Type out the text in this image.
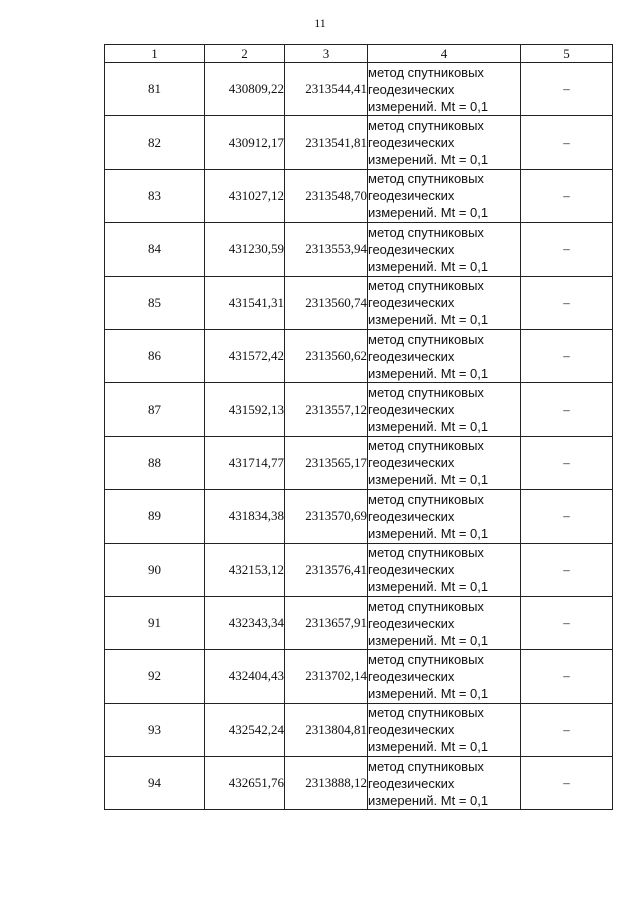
11
1	2	3	4	5
81	430809,22	2313544,41	метод спутниковых
геодезических
измерений. Mt = 0,1	–
82	430912,17	2313541,81	метод спутниковых
геодезических
измерений. Mt = 0,1	–
83	431027,12	2313548,70	метод спутниковых
геодезических
измерений. Mt = 0,1	–
84	431230,59	2313553,94	метод спутниковых
геодезических
измерений. Mt = 0,1	–
85	431541,31	2313560,74	метод спутниковых
геодезических
измерений. Mt = 0,1	–
86	431572,42	2313560,62	метод спутниковых
геодезических
измерений. Mt = 0,1	–
87	431592,13	2313557,12	метод спутниковых
геодезических
измерений. Mt = 0,1	–
88	431714,77	2313565,17	метод спутниковых
геодезических
измерений. Mt = 0,1	–
89	431834,38	2313570,69	метод спутниковых
геодезических
измерений. Mt = 0,1	–
90	432153,12	2313576,41	метод спутниковых
геодезических
измерений. Mt = 0,1	–
91	432343,34	2313657,91	метод спутниковых
геодезических
измерений. Mt = 0,1	–
92	432404,43	2313702,14	метод спутниковых
геодезических
измерений. Mt = 0,1	–
93	432542,24	2313804,81	метод спутниковых
геодезических
измерений. Mt = 0,1	–
94	432651,76	2313888,12	метод спутниковых
геодезических
измерений. Mt = 0,1	–
